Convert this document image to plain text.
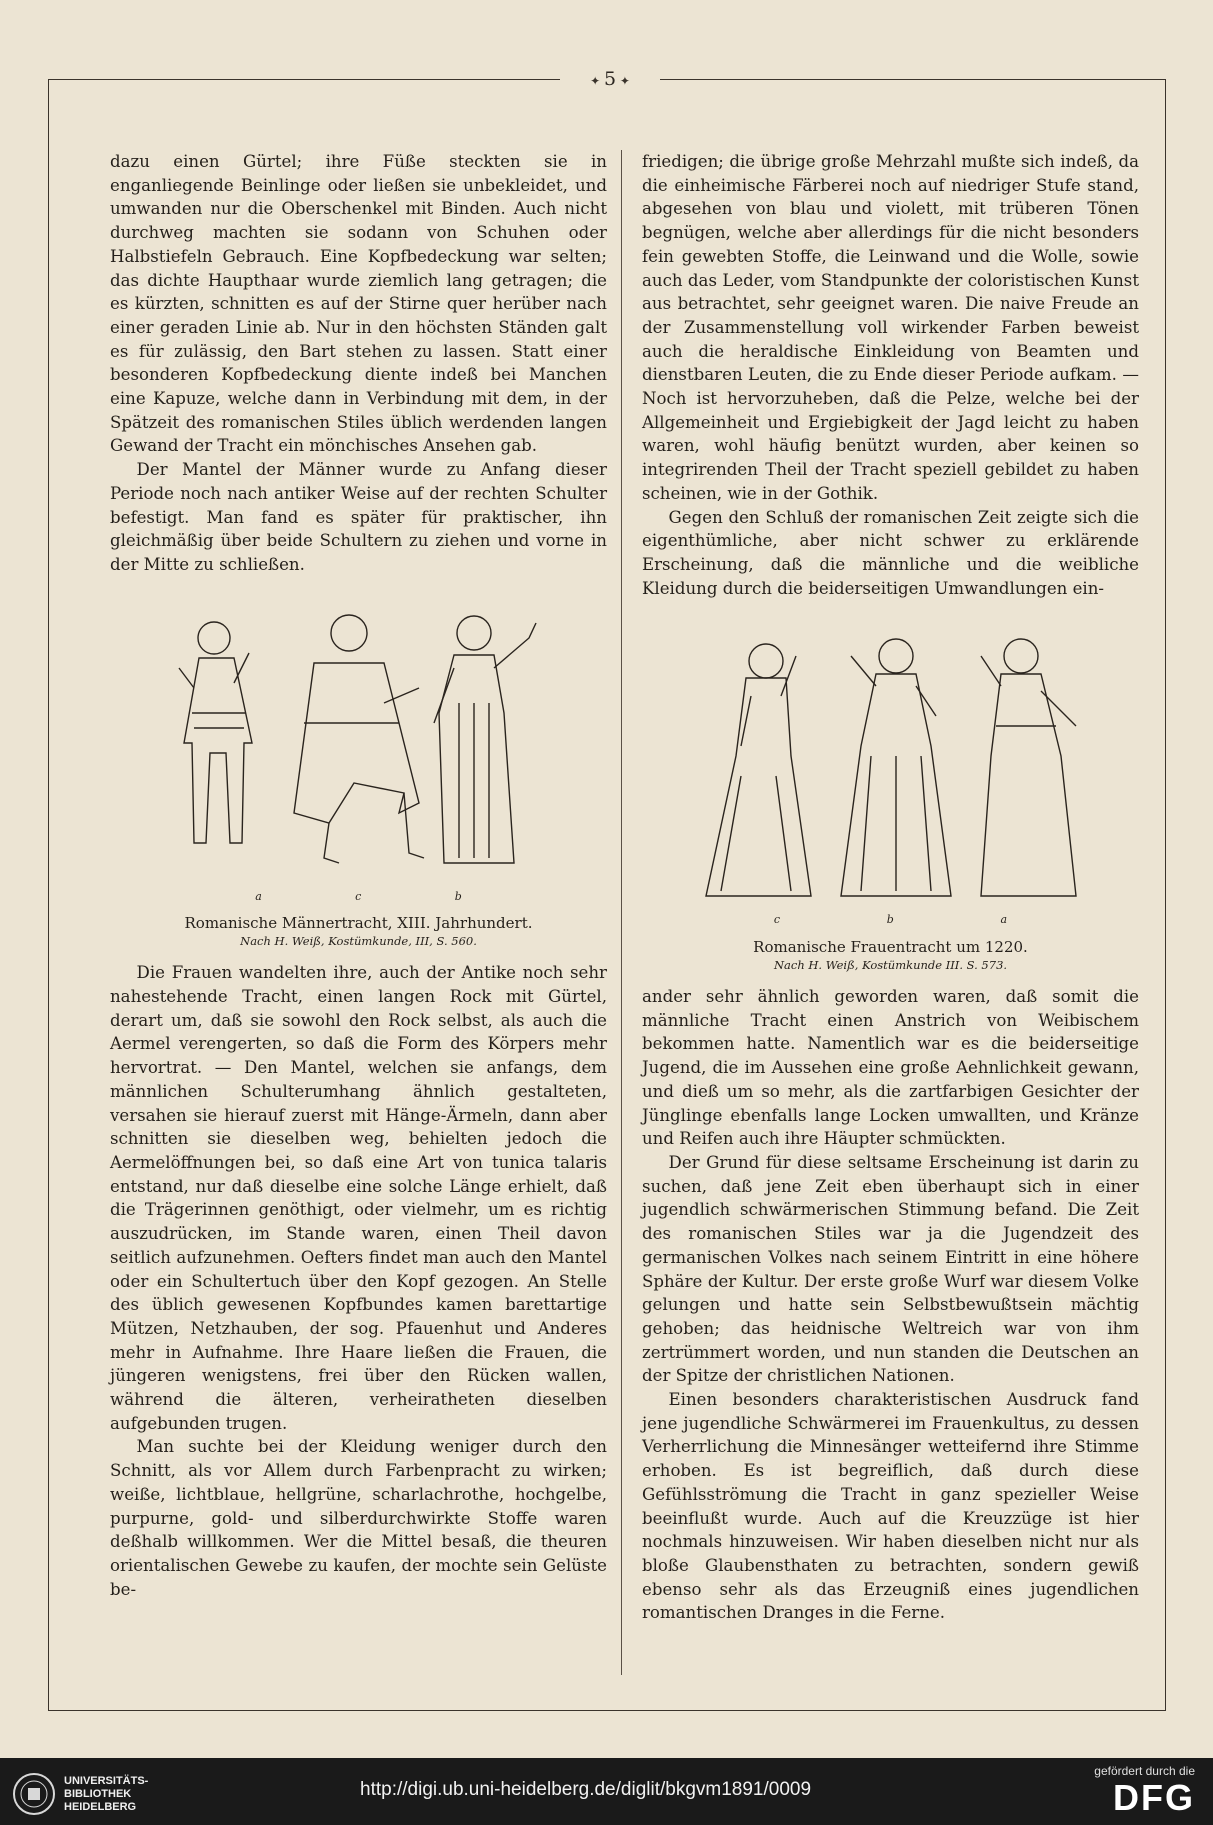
✦ 5 ✦

dazu einen Gürtel; ihre Füße steckten sie in enganliegende Beinlinge oder ließen sie unbekleidet, und umwanden nur die Oberschenkel mit Binden. Auch nicht durchweg machten sie sodann von Schuhen oder Halbstiefeln Gebrauch. Eine Kopfbedeckung war selten; das dichte Haupthaar wurde ziemlich lang getragen; die es kürzten, schnitten es auf der Stirne quer herüber nach einer geraden Linie ab. Nur in den höchsten Ständen galt es für zulässig, den Bart stehen zu lassen. Statt einer besonderen Kopfbedeckung diente indeß bei Manchen eine Kapuze, welche dann in Verbindung mit dem, in der Spätzeit des romanischen Stiles üblich werdenden langen Gewand der Tracht ein mönchisches Ansehen gab.

Der Mantel der Männer wurde zu Anfang dieser Periode noch nach antiker Weise auf der rechten Schulter befestigt. Man fand es später für praktischer, ihn gleichmäßig über beide Schultern zu ziehen und vorne in der Mitte zu schließen.

a	c	b

Romanische Männertracht, XIII. Jahrhundert.

Nach H. Weiß, Kostümkunde, III, S. 560.

Die Frauen wandelten ihre, auch der Antike noch sehr nahestehende Tracht, einen langen Rock mit Gürtel, derart um, daß sie sowohl den Rock selbst, als auch die Aermel verengerten, so daß die Form des Körpers mehr hervortrat. — Den Mantel, welchen sie anfangs, dem männlichen Schulterumhang ähnlich gestalteten, versahen sie hierauf zuerst mit Hänge-Ärmeln, dann aber schnitten sie dieselben weg, behielten jedoch die Aermelöffnungen bei, so daß eine Art von tunica talaris entstand, nur daß dieselbe eine solche Länge erhielt, daß die Trägerinnen genöthigt, oder vielmehr, um es richtig auszudrücken, im Stande waren, einen Theil davon seitlich aufzunehmen. Oefters findet man auch den Mantel oder ein Schultertuch über den Kopf gezogen. An Stelle des üblich gewesenen Kopfbundes kamen barettartige Mützen, Netzhauben, der sog. Pfauenhut und Anderes mehr in Aufnahme. Ihre Haare ließen die Frauen, die jüngeren wenigstens, frei über den Rücken wallen, während die älteren, verheiratheten dieselben aufgebunden trugen.

Man suchte bei der Kleidung weniger durch den Schnitt, als vor Allem durch Farbenpracht zu wirken; weiße, lichtblaue, hellgrüne, scharlachrothe, hochgelbe, purpurne, gold- und silberdurchwirkte Stoffe waren deßhalb willkommen. Wer die Mittel besaß, die theuren orientalischen Gewebe zu kaufen, der mochte sein Gelüste be-

friedigen; die übrige große Mehrzahl mußte sich indeß, da die einheimische Färberei noch auf niedriger Stufe stand, abgesehen von blau und violett, mit trüberen Tönen begnügen, welche aber allerdings für die nicht besonders fein gewebten Stoffe, die Leinwand und die Wolle, sowie auch das Leder, vom Standpunkte der coloristischen Kunst aus betrachtet, sehr geeignet waren. Die naive Freude an der Zusammenstellung voll wirkender Farben beweist auch die heraldische Einkleidung von Beamten und dienstbaren Leuten, die zu Ende dieser Periode aufkam. — Noch ist hervorzuheben, daß die Pelze, welche bei der Allgemeinheit und Ergiebigkeit der Jagd leicht zu haben waren, wohl häufig benützt wurden, aber keinen so integrirenden Theil der Tracht speziell gebildet zu haben scheinen, wie in der Gothik.

Gegen den Schluß der romanischen Zeit zeigte sich die eigenthümliche, aber nicht schwer zu erklärende Erscheinung, daß die männliche und die weibliche Kleidung durch die beiderseitigen Umwandlungen ein-

c	b	a

Romanische Frauentracht um 1220.

Nach H. Weiß, Kostümkunde III. S. 573.

ander sehr ähnlich geworden waren, daß somit die männliche Tracht einen Anstrich von Weibischem bekommen hatte. Namentlich war es die beiderseitige Jugend, die im Aussehen eine große Aehnlichkeit gewann, und dieß um so mehr, als die zartfarbigen Gesichter der Jünglinge ebenfalls lange Locken umwallten, und Kränze und Reifen auch ihre Häupter schmückten.

Der Grund für diese seltsame Erscheinung ist darin zu suchen, daß jene Zeit eben überhaupt sich in einer jugendlich schwärmerischen Stimmung befand. Die Zeit des romanischen Stiles war ja die Jugendzeit des germanischen Volkes nach seinem Eintritt in eine höhere Sphäre der Kultur. Der erste große Wurf war diesem Volke gelungen und hatte sein Selbstbewußtsein mächtig gehoben; das heidnische Weltreich war von ihm zertrümmert worden, und nun standen die Deutschen an der Spitze der christlichen Nationen.

Einen besonders charakteristischen Ausdruck fand jene jugendliche Schwärmerei im Frauenkultus, zu dessen Verherrlichung die Minnesänger wetteifernd ihre Stimme erhoben. Es ist begreiflich, daß durch diese Gefühlsströmung die Tracht in ganz spezieller Weise beeinflußt wurde. Auch auf die Kreuzzüge ist hier nochmals hinzuweisen. Wir haben dieselben nicht nur als bloße Glaubensthaten zu betrachten, sondern gewiß ebenso sehr als das Erzeugniß eines jugendlichen romantischen Dranges in die Ferne.

UNIVERSITÄTS- BIBLIOTHEK HEIDELBERG
http://digi.ub.uni-heidelberg.de/diglit/bkgvm1891/0009
gefördert durch die
DFG
